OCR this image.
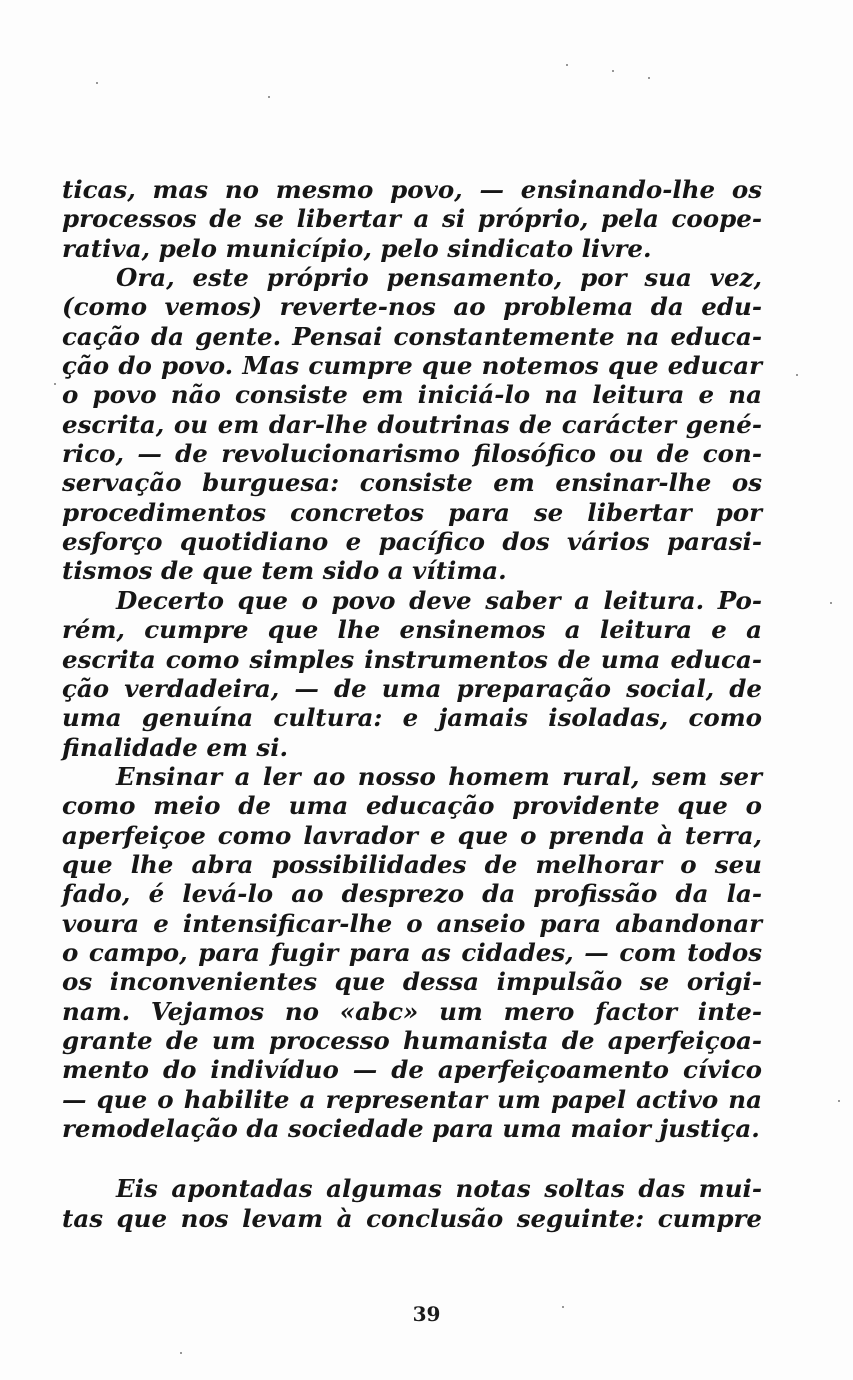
ticas, mas no mesmo povo, — ensinando-lhe os
processos de se libertar a si próprio, pela coope-
rativa, pelo município, pelo sindicato livre.
Ora, este próprio pensamento, por sua vez,
(como vemos) reverte-nos ao problema da edu-
cação da gente. Pensai constantemente na educa-
ção do povo. Mas cumpre que notemos que educar
o povo não consiste em iniciá-lo na leitura e na
escrita, ou em dar-lhe doutrinas de carácter gené-
rico, — de revolucionarismo filosófico ou de con-
servação burguesa: consiste em ensinar-lhe os
procedimentos concretos para se libertar por
esforço quotidiano e pacífico dos vários parasi-
tismos de que tem sido a vítima.
Decerto que o povo deve saber a leitura. Po-
rém, cumpre que lhe ensinemos a leitura e a
escrita como simples instrumentos de uma educa-
ção verdadeira, — de uma preparação social, de
uma genuína cultura: e jamais isoladas, como
finalidade em si.
Ensinar a ler ao nosso homem rural, sem ser
como meio de uma educação providente que o
aperfeiçoe como lavrador e que o prenda à terra,
que lhe abra possibilidades de melhorar o seu
fado, é levá-lo ao desprezo da profissão da la-
voura e intensificar-lhe o anseio para abandonar
o campo, para fugir para as cidades, — com todos
os inconvenientes que dessa impulsão se origi-
nam. Vejamos no «abc» um mero factor inte-
grante de um processo humanista de aperfeiçoa-
mento do indivíduo — de aperfeiçoamento cívico
— que o habilite a representar um papel activo na
remodelação da sociedade para uma maior justiça.
Eis apontadas algumas notas soltas das mui-
tas que nos levam à conclusão seguinte: cumpre
39
